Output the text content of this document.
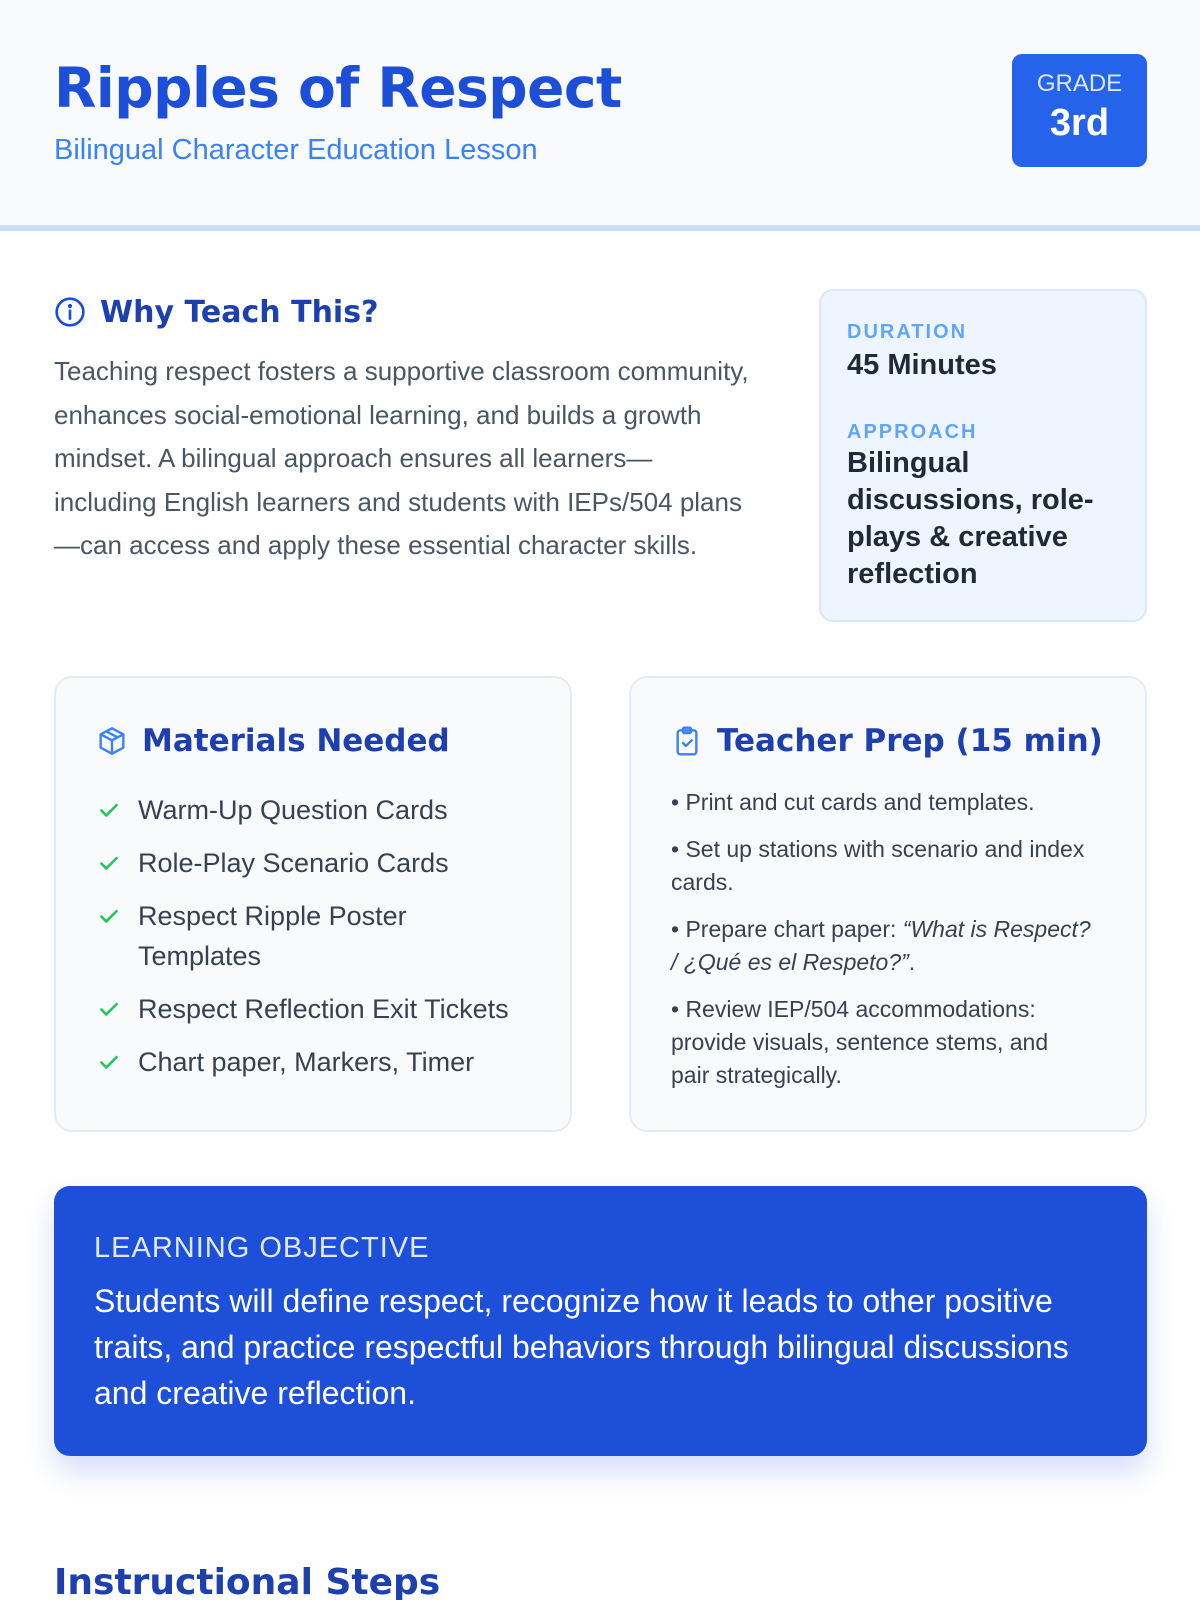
Ripples of Respect
Bilingual Character Education Lesson
GRADE
3rd
Why Teach This?

Teaching respect fosters a supportive classroom community, enhances social-emotional learning, and builds a growth mindset. A bilingual approach ensures all learners—including English learners and students with IEPs/504 plans—can access and apply these essential character skills.

DURATION
45 Minutes
APPROACH
Bilingual discussions, role-plays & creative reflection
Materials Needed
Warm-Up Question Cards
Role-Play Scenario Cards
Respect Ripple Poster Templates
Respect Reflection Exit Tickets
Chart paper, Markers, Timer
Teacher Prep (15 min)
• Print and cut cards and templates.
• Set up stations with scenario and index cards.
• Prepare chart paper: “What is Respect? / ¿Qué es el Respeto?”.
• Review IEP/504 accommodations: provide visuals, sentence stems, and pair strategically.
LEARNING OBJECTIVE
Students will define respect, recognize how it leads to other positive traits, and practice respectful behaviors through bilingual discussions and creative reflection.
Instructional Steps
